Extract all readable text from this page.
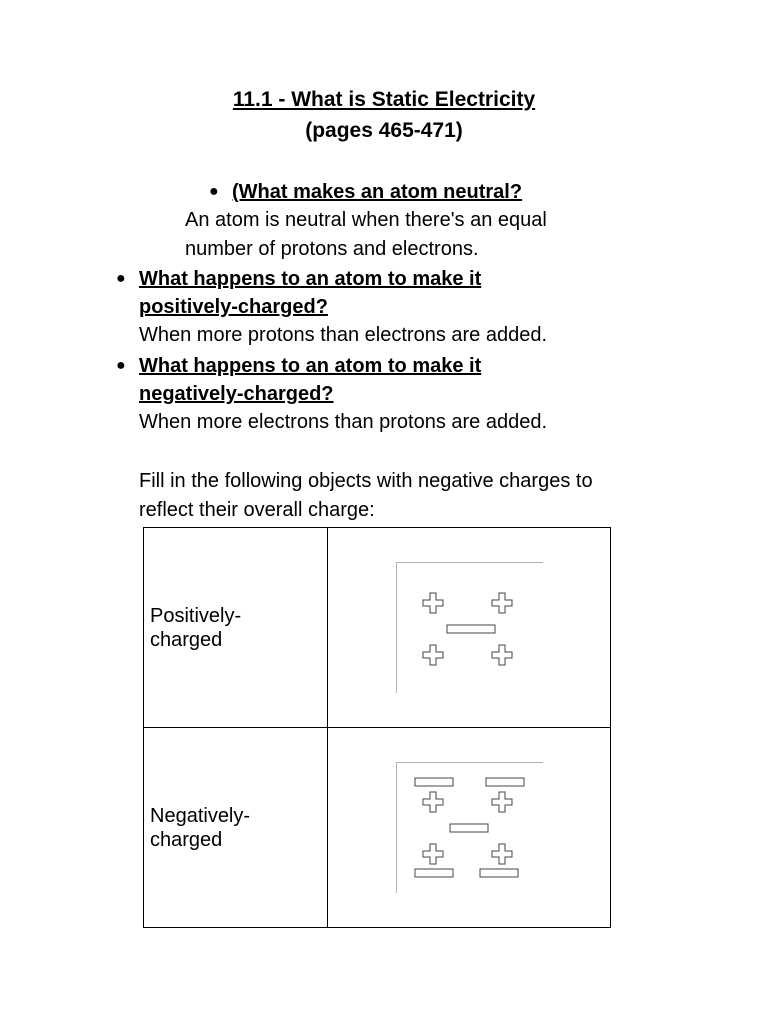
11.1 - What is Static Electricity
(pages 465-471)
● (What makes an atom neutral?
An atom is neutral when there's an equal
number of protons and electrons.
● What happens to an atom to make it
positively-charged?
When more protons than electrons are added.
● What happens to an atom to make it
negatively-charged?
When more electrons than protons are added.
Fill in the following objects with negative charges to
reflect their overall charge:
Positively-
charged

Negatively-
charged
